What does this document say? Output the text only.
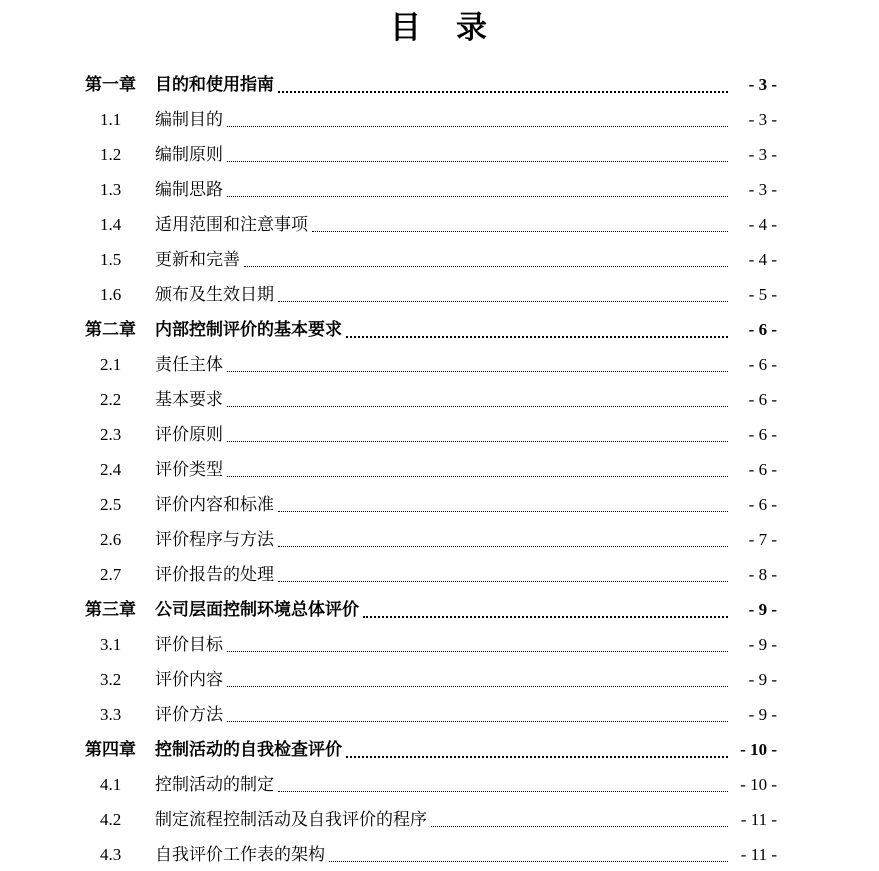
目　录
第一章	目的和使用指南	- 3 -
1.1	编制目的	- 3 -
1.2	编制原则	- 3 -
1.3	编制思路	- 3 -
1.4	适用范围和注意事项	- 4 -
1.5	更新和完善	- 4 -
1.6	颁布及生效日期	- 5 -
第二章	内部控制评价的基本要求	- 6 -
2.1	责任主体	- 6 -
2.2	基本要求	- 6 -
2.3	评价原则	- 6 -
2.4	评价类型	- 6 -
2.5	评价内容和标准	- 6 -
2.6	评价程序与方法	- 7 -
2.7	评价报告的处理	- 8 -
第三章	公司层面控制环境总体评价	- 9 -
3.1	评价目标	- 9 -
3.2	评价内容	- 9 -
3.3	评价方法	- 9 -
第四章	控制活动的自我检查评价	- 10 -
4.1	控制活动的制定	- 10 -
4.2	制定流程控制活动及自我评价的程序	- 11 -
4.3	自我评价工作表的架构	- 11 -
